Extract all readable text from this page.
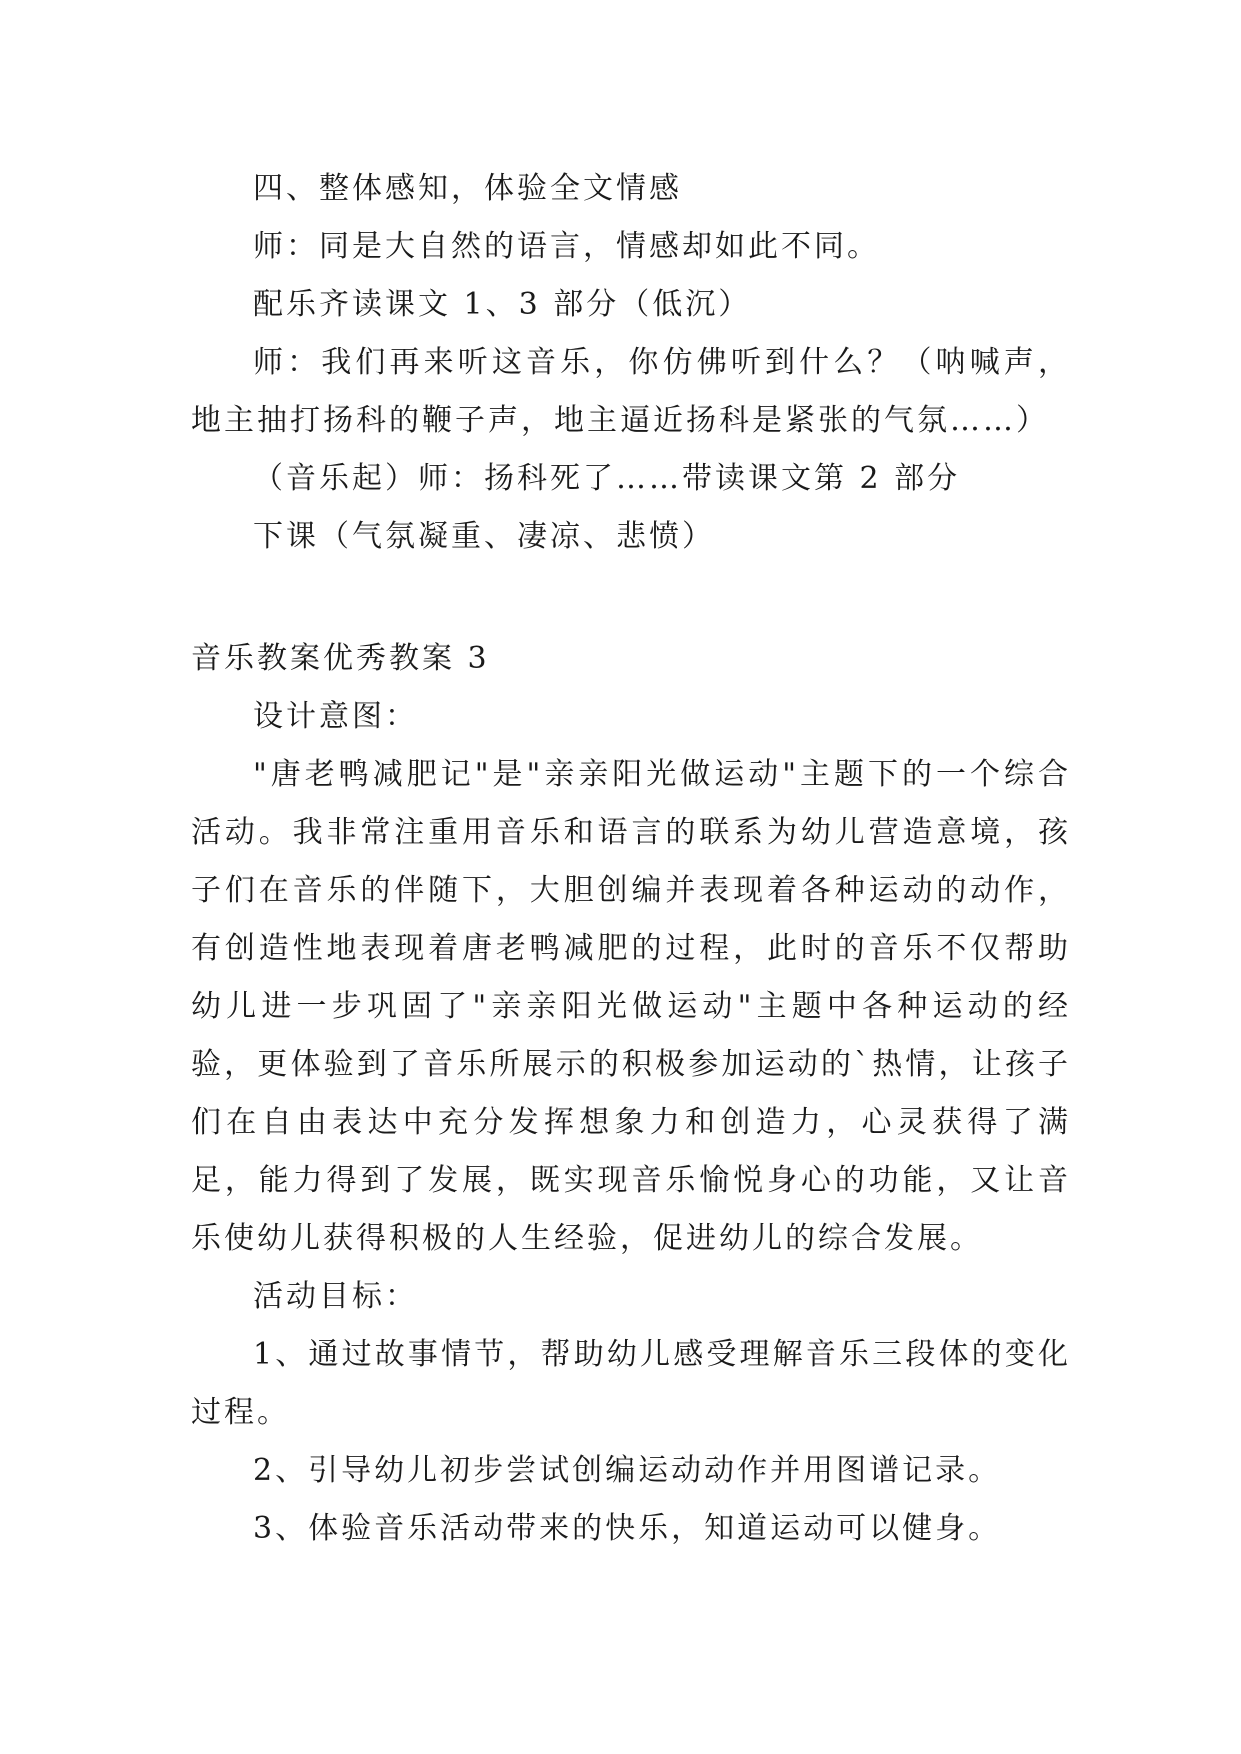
四、整体感知，体验全文情感

师：同是大自然的语言，情感却如此不同。

配乐齐读课文 1、3 部分（低沉）

师：我们再来听这音乐，你仿佛听到什么？（呐喊声，地主抽打扬科的鞭子声，地主逼近扬科是紧张的气氛……）

（音乐起）师：扬科死了……带读课文第 2 部分

下课（气氛凝重、凄凉、悲愤）

音乐教案优秀教案 3

设计意图：

"唐老鸭减肥记"是"亲亲阳光做运动"主题下的一个综合活动。我非常注重用音乐和语言的联系为幼儿营造意境，孩子们在音乐的伴随下，大胆创编并表现着各种运动的动作，有创造性地表现着唐老鸭减肥的过程，此时的音乐不仅帮助幼儿进一步巩固了"亲亲阳光做运动"主题中各种运动的经验，更体验到了音乐所展示的积极参加运动的`热情，让孩子们在自由表达中充分发挥想象力和创造力，心灵获得了满足，能力得到了发展，既实现音乐愉悦身心的功能，又让音乐使幼儿获得积极的人生经验，促进幼儿的综合发展。

活动目标：

1、通过故事情节，帮助幼儿感受理解音乐三段体的变化过程。

2、引导幼儿初步尝试创编运动动作并用图谱记录。

3、体验音乐活动带来的快乐，知道运动可以健身。
